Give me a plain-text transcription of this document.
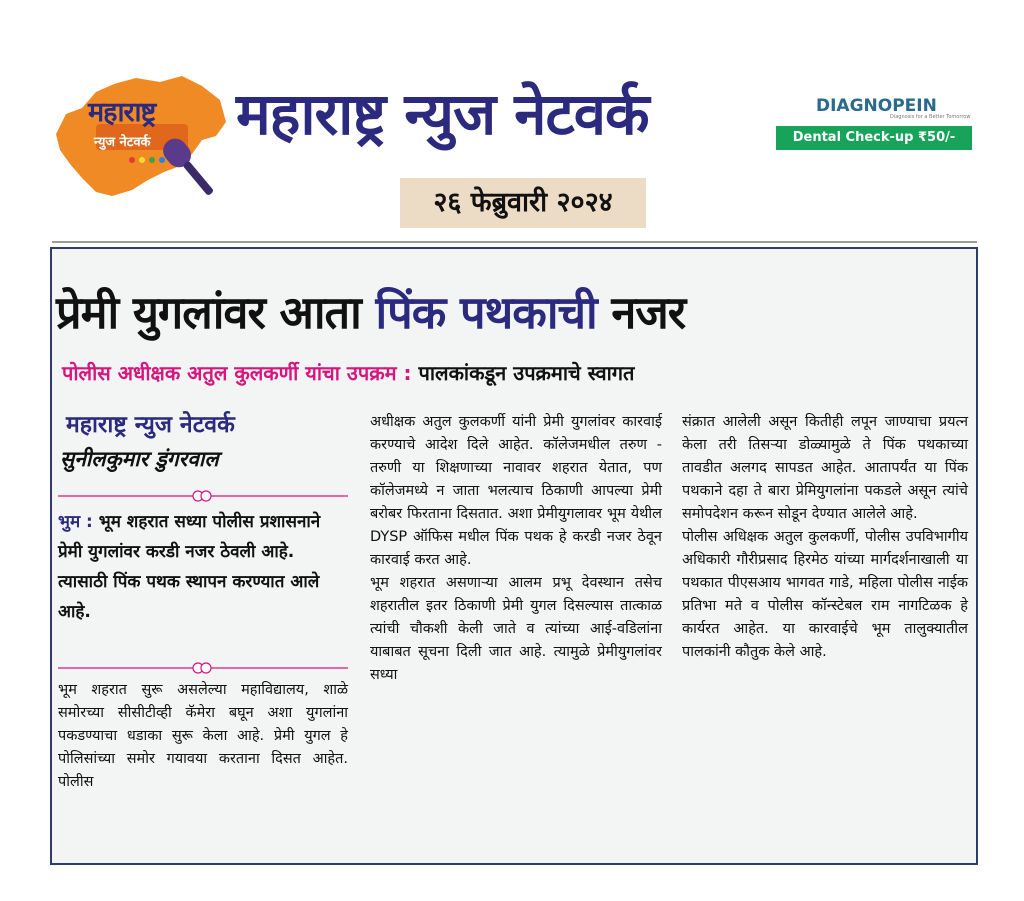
महाराष्ट्र
न्युज नेटवर्क महाराष्ट्र न्युज नेटवर्क	DIAGNOPEIN
Diagnosis for a Better Tomorrow
Dental Check-up ₹50/-
२६ फेब्रुवारी २०२४
प्रेमी युगलांवर आता पिंक पथकाची नजर
पोलीस अधीक्षक अतुल कुलकर्णी यांचा उपक्रम : पालकांकडून उपक्रमाचे स्वागत
महाराष्ट्र न्युज नेटवर्क
सुनीलकुमार डुंगरवाल
भुम : भूम शहरात सध्या पोलीस प्रशासनाने प्रेमी युगलांवर करडी नजर ठेवली आहे. त्यासाठी पिंक पथक स्थापन करण्यात आले आहे.

भूम शहरात सुरू असलेल्या महाविद्यालय, शाळे समोरच्या सीसीटीव्ही कॅमेरा बघून अशा युगलांना पकडण्याचा धडाका सुरू केला आहे. प्रेमी युगल हे पोलिसांच्या समोर गयावया करताना दिसत आहेत. पोलीस

अधीक्षक अतुल कुलकर्णी यांनी प्रेमी युगलांवर कारवाई करण्याचे आदेश दिले आहेत. कॉलेजमधील तरुण - तरुणी या शिक्षणाच्या नावावर शहरात येतात, पण कॉलेजमध्ये न जाता भलत्याच ठिकाणी आपल्या प्रेमी बरोबर फिरताना दिसतात. अशा प्रेमीयुगलावर भूम येथील DYSP ऑफिस मधील पिंक पथक हे करडी नजर ठेवून कारवाई करत आहे.

भूम शहरात असणाऱ्या आलम प्रभू देवस्थान तसेच शहरातील इतर ठिकाणी प्रेमी युगल दिसल्यास तात्काळ त्यांची चौकशी केली जाते व त्यांच्या आई-वडिलांना याबाबत सूचना दिली जात आहे. त्यामुळे प्रेमीयुगलांवर सध्या

संक्रात आलेली असून कितीही लपून जाण्याचा प्रयत्न केला तरी तिसऱ्या डोळ्यामुळे ते पिंक पथकाच्या तावडीत अलगद सापडत आहेत. आतापर्यंत या पिंक पथकाने दहा ते बारा प्रेमियुगलांना पकडले असून त्यांचे समोपदेशन करून सोडून देण्यात आलेले आहे.

पोलीस अधिक्षक अतुल कुलकर्णी, पोलीस उपविभागीय अधिकारी गौरीप्रसाद हिरमेठ यांच्या मार्गदर्शनाखाली या पथकात पीएसआय भागवत गाडे, महिला पोलीस नाईक प्रतिभा मते व पोलीस कॉन्स्टेबल राम नागटिळक हे कार्यरत आहेत. या कारवाईचे भूम तालुक्यातील पालकांनी कौतुक केले आहे.
